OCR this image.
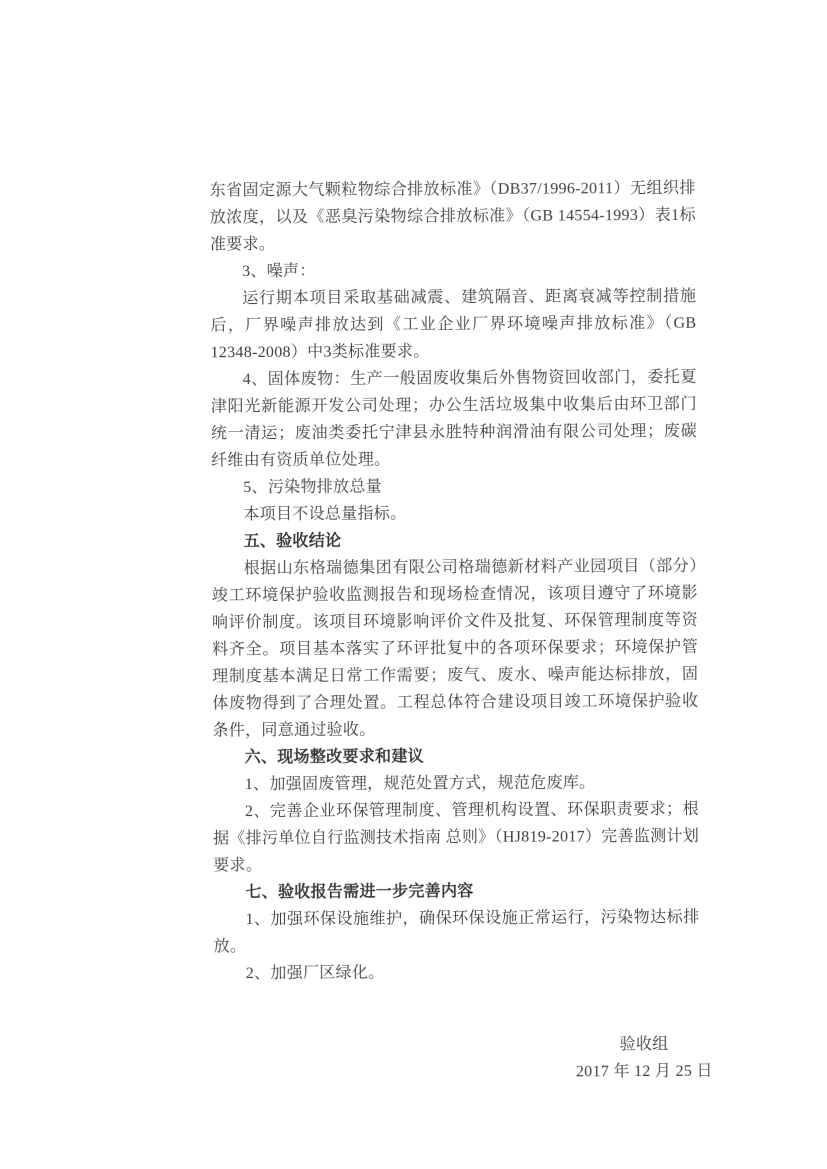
东省固定源大气颗粒物综合排放标准》（DB37/1996-2011）无组织排放浓度，以及《恶臭污染物综合排放标准》（GB 14554-1993）表1标准要求。

3、噪声：

运行期本项目采取基础减震、建筑隔音、距离衰减等控制措施后，厂界噪声排放达到《工业企业厂界环境噪声排放标准》（GB 12348-2008）中3类标准要求。

4、固体废物：生产一般固废收集后外售物资回收部门，委托夏津阳光新能源开发公司处理；办公生活垃圾集中收集后由环卫部门统一清运；废油类委托宁津县永胜特种润滑油有限公司处理；废碳纤维由有资质单位处理。

5、污染物排放总量

本项目不设总量指标。

五、验收结论

根据山东格瑞德集团有限公司格瑞德新材料产业园项目（部分）竣工环境保护验收监测报告和现场检查情况，该项目遵守了环境影响评价制度。该项目环境影响评价文件及批复、环保管理制度等资料齐全。项目基本落实了环评批复中的各项环保要求；环境保护管理制度基本满足日常工作需要；废气、废水、噪声能达标排放，固体废物得到了合理处置。工程总体符合建设项目竣工环境保护验收条件，同意通过验收。

六、现场整改要求和建议

1、加强固废管理，规范处置方式，规范危废库。

2、完善企业环保管理制度、管理机构设置、环保职责要求；根据《排污单位自行监测技术指南 总则》（HJ819-2017）完善监测计划要求。

七、验收报告需进一步完善内容

1、加强环保设施维护，确保环保设施正常运行，污染物达标排放。

2、加强厂区绿化。

验收组
2017 年 12 月 25 日
